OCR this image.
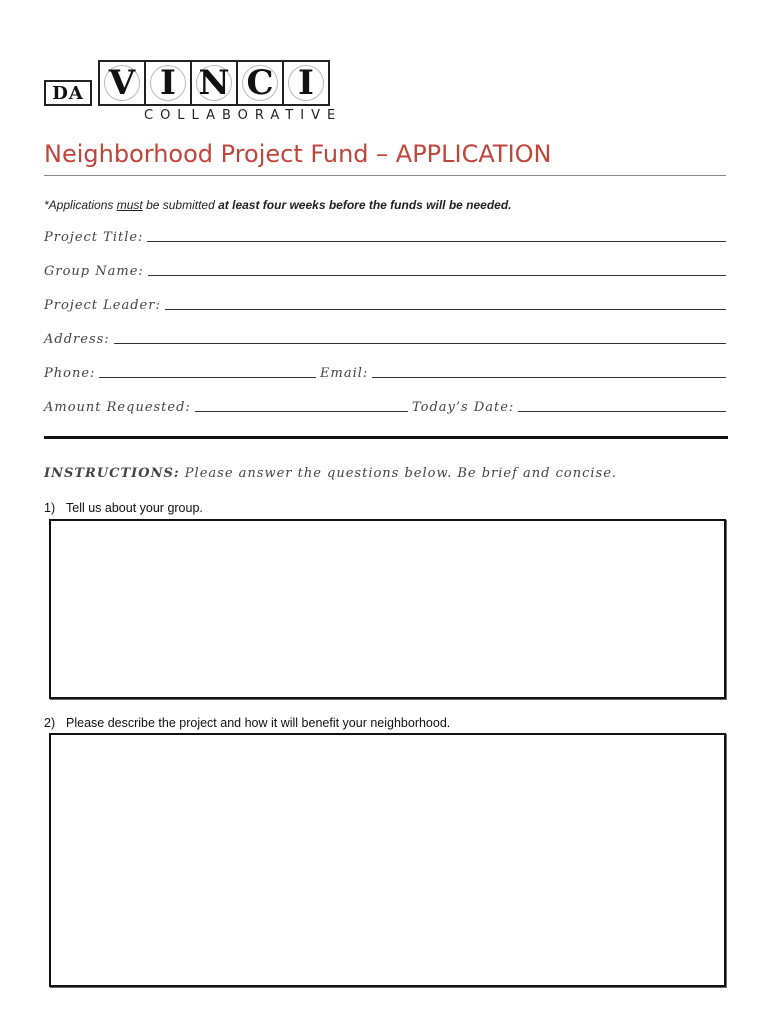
DA V I N C I
COLLABORATIVE
Neighborhood Project Fund – APPLICATION
*Applications must be submitted at least four weeks before the funds will be needed.
Project Title:
Group Name:
Project Leader:
Address:
Phone:	Email:
Amount Requested:	Today’s Date:
INSTRUCTIONS: Please answer the questions below. Be brief and concise.
1) Tell us about your group.
2) Please describe the project and how it will benefit your neighborhood.
